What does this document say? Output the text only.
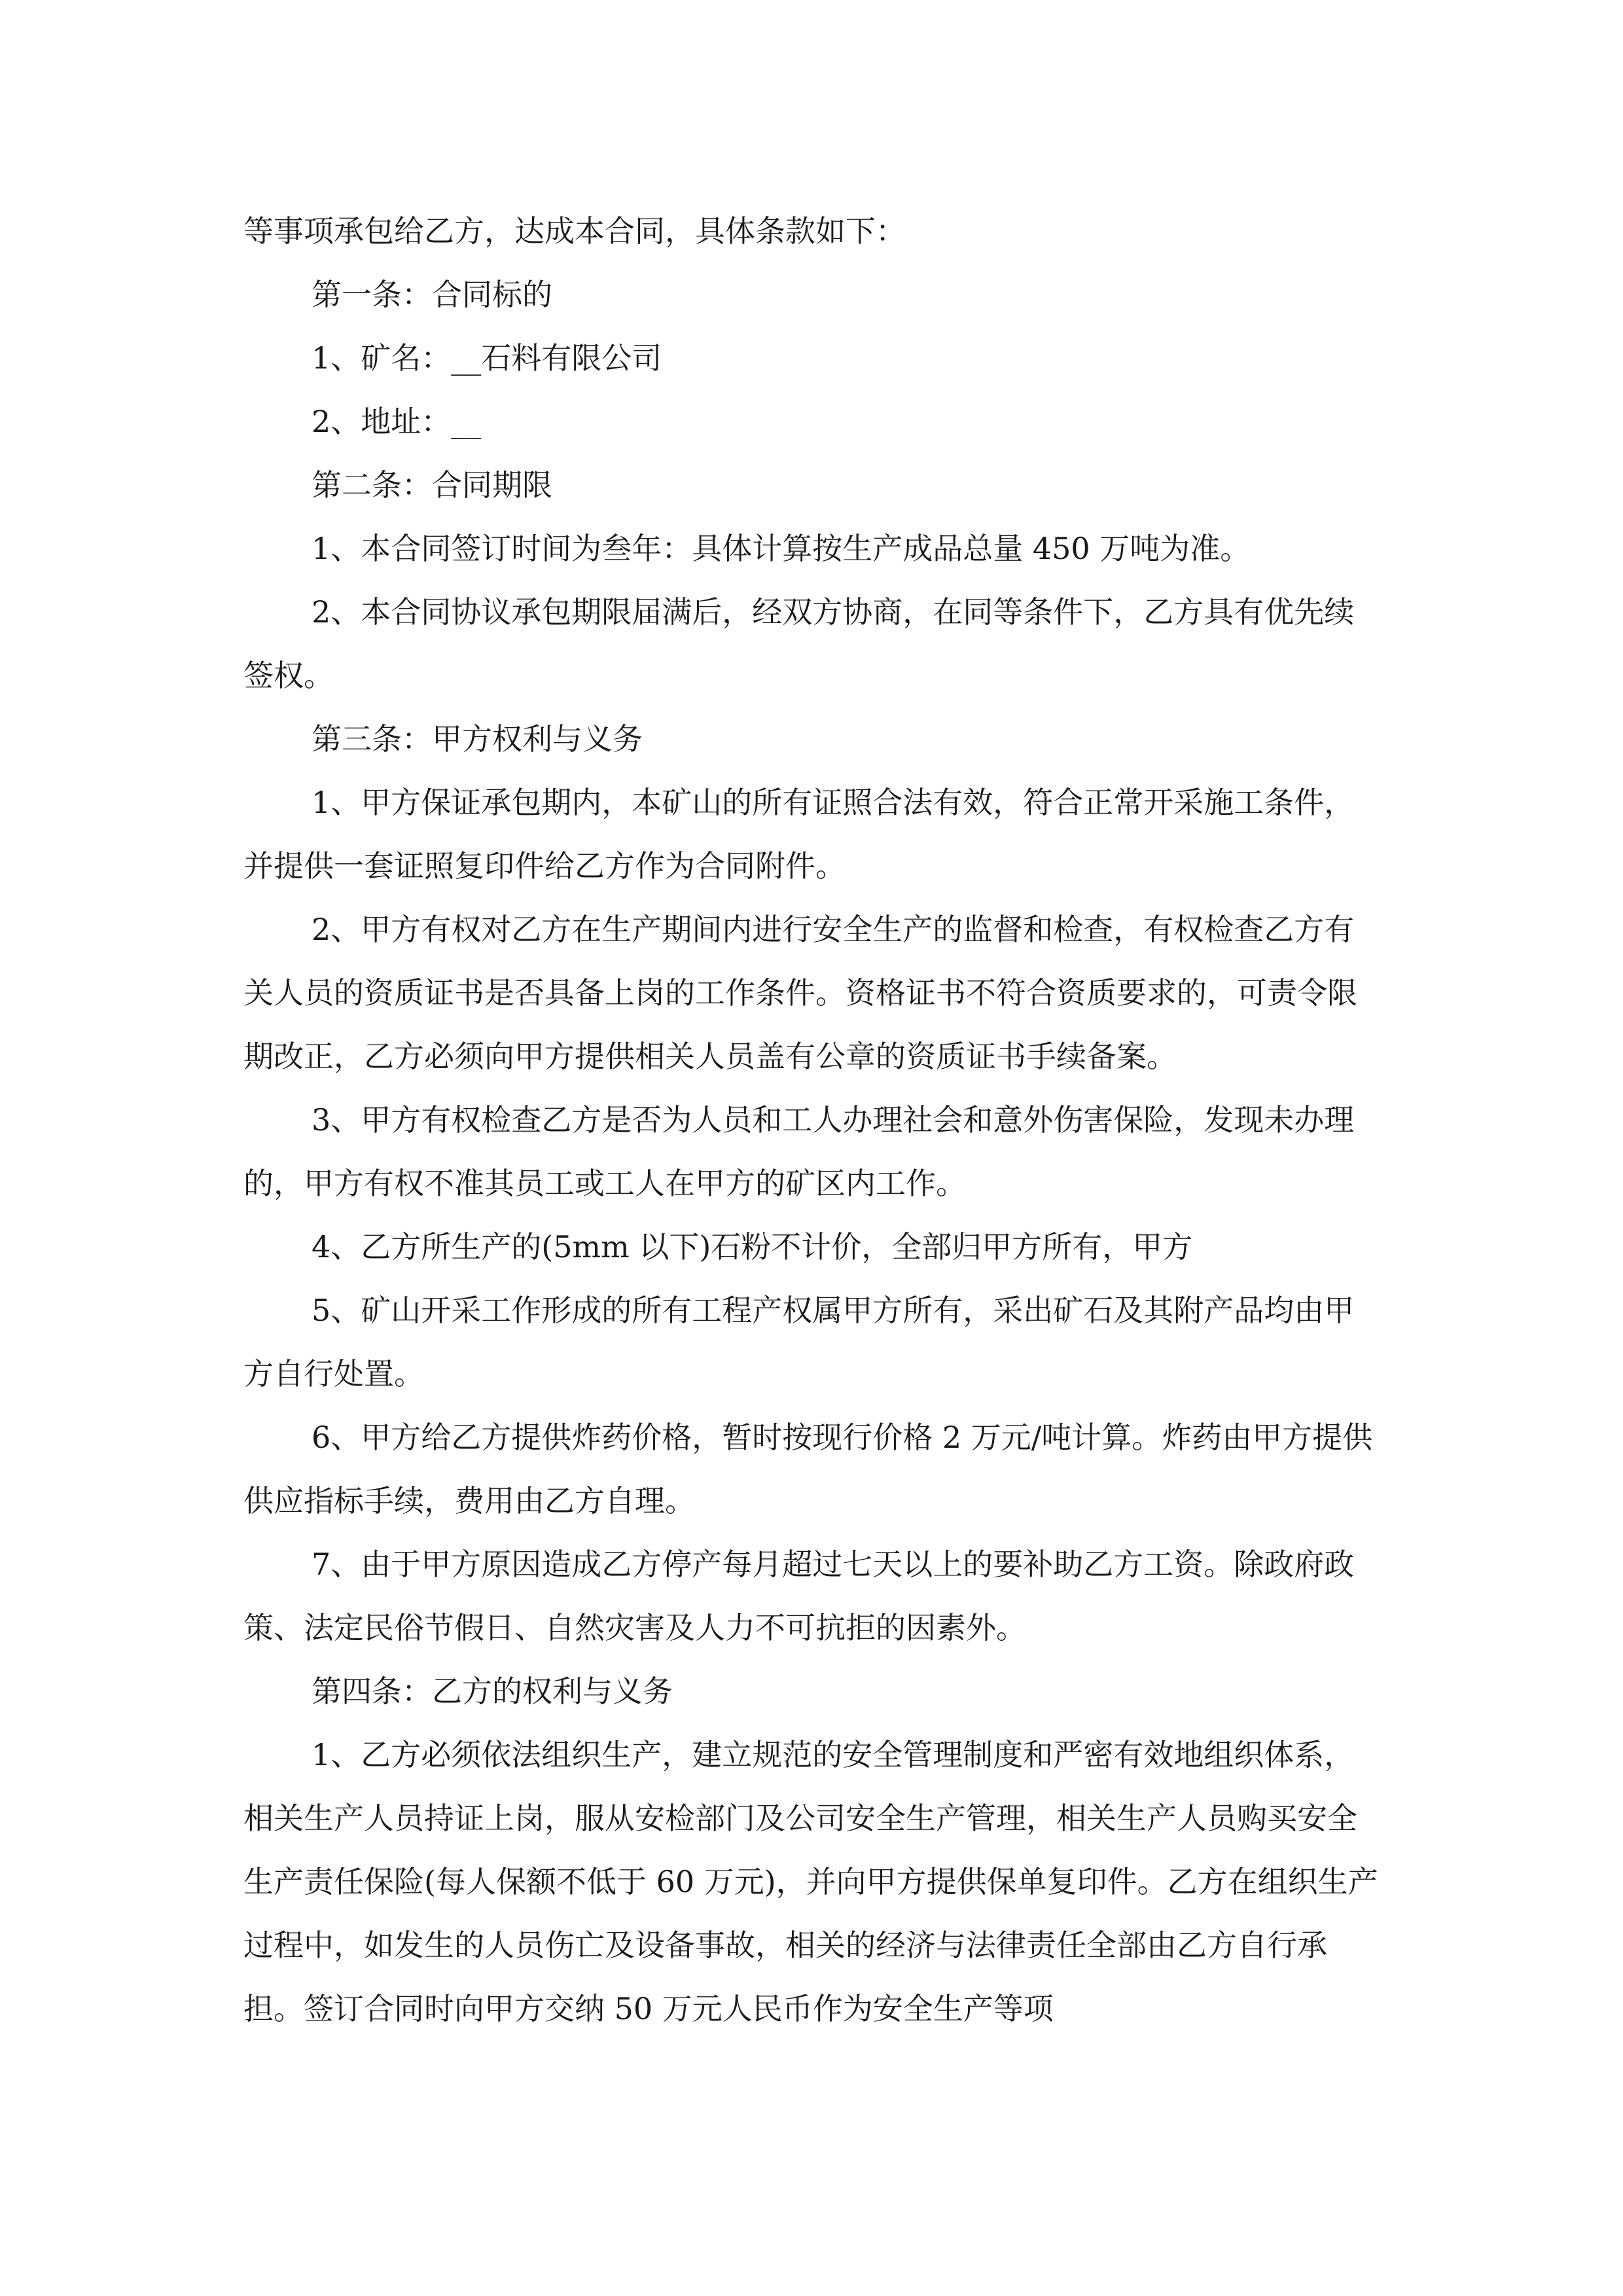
等事项承包给乙方，达成本合同，具体条款如下：

第一条：合同标的

1、矿名：__石料有限公司

2、地址：__

第二条：合同期限

1、本合同签订时间为叁年：具体计算按生产成品总量 450 万吨为准。

2、本合同协议承包期限届满后，经双方协商，在同等条件下，乙方具有优先续签权。

第三条：甲方权利与义务

1、甲方保证承包期内，本矿山的所有证照合法有效，符合正常开采施工条件，并提供一套证照复印件给乙方作为合同附件。

2、甲方有权对乙方在生产期间内进行安全生产的监督和检查，有权检查乙方有关人员的资质证书是否具备上岗的工作条件。资格证书不符合资质要求的，可责令限期改正，乙方必须向甲方提供相关人员盖有公章的资质证书手续备案。

3、甲方有权检查乙方是否为人员和工人办理社会和意外伤害保险，发现未办理的，甲方有权不准其员工或工人在甲方的矿区内工作。

4、乙方所生产的(5mm 以下)石粉不计价，全部归甲方所有，甲方

5、矿山开采工作形成的所有工程产权属甲方所有，采出矿石及其附产品均由甲方自行处置。

6、甲方给乙方提供炸药价格，暂时按现行价格 2 万元/吨计算。炸药由甲方提供供应指标手续，费用由乙方自理。

7、由于甲方原因造成乙方停产每月超过七天以上的要补助乙方工资。除政府政策、法定民俗节假日、自然灾害及人力不可抗拒的因素外。

第四条：乙方的权利与义务

1、乙方必须依法组织生产，建立规范的安全管理制度和严密有效地组织体系，相关生产人员持证上岗，服从安检部门及公司安全生产管理，相关生产人员购买安全生产责任保险(每人保额不低于 60 万元)，并向甲方提供保单复印件。乙方在组织生产过程中，如发生的人员伤亡及设备事故，相关的经济与法律责任全部由乙方自行承担。签订合同时向甲方交纳 50 万元人民币作为安全生产等项
